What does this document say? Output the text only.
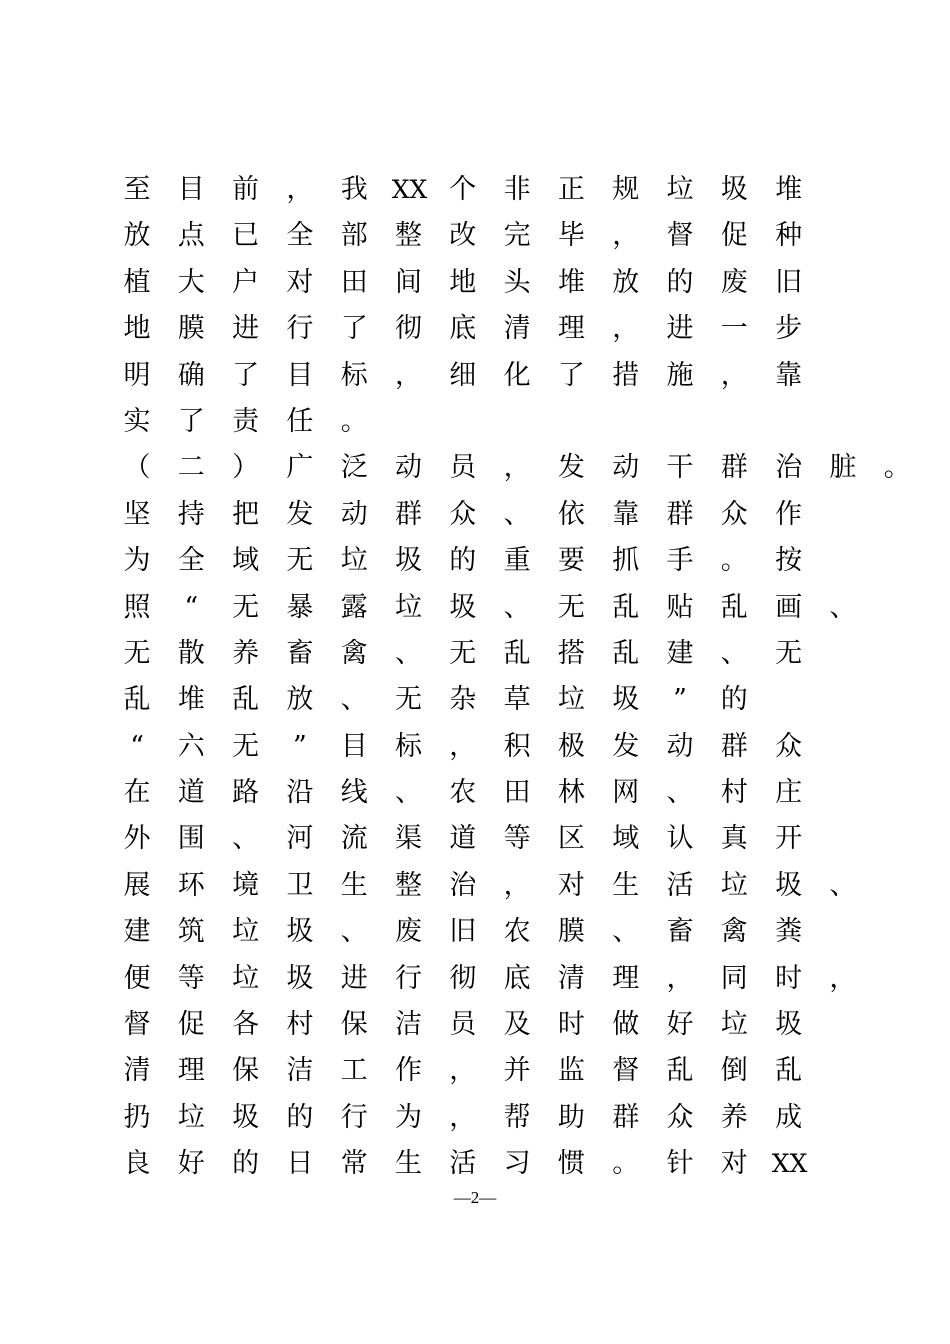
至 目 前 ， 我 XX 个 非 正 规 垃 圾 堆
放 点 已 全 部 整 改 完 毕 ， 督 促 种
植 大 户 对 田 间 地 头 堆 放 的 废 旧
地 膜 进 行 了 彻 底 清 理 ， 进 一 步
明 确 了 目 标 ， 细 化 了 措 施 ， 靠
实 了 责 任 。
（ 二 ） 广 泛 动 员 ， 发 动 干 群 治 脏 。
坚 持 把 发 动 群 众 、 依 靠 群 众 作
为 全 域 无 垃 圾 的 重 要 抓 手 。 按
照 “ 无 暴 露 垃 圾 、 无 乱 贴 乱 画 、
无 散 养 畜 禽 、 无 乱 搭 乱 建 、 无
乱 堆 乱 放 、 无 杂 草 垃 圾 ” 的
“ 六 无 ” 目 标 ， 积 极 发 动 群 众
在 道 路 沿 线 、 农 田 林 网 、 村 庄
外 围 、 河 流 渠 道 等 区 域 认 真 开
展 环 境 卫 生 整 治 ， 对 生 活 垃 圾 、
建 筑 垃 圾 、 废 旧 农 膜 、 畜 禽 粪
便 等 垃 圾 进 行 彻 底 清 理 ， 同 时 ，
督 促 各 村 保 洁 员 及 时 做 好 垃 圾
清 理 保 洁 工 作 ， 并 监 督 乱 倒 乱
扔 垃 圾 的 行 为 ， 帮 助 群 众 养 成
良 好 的 日 常 生 活 习 惯 。 针 对 XX
—2—
